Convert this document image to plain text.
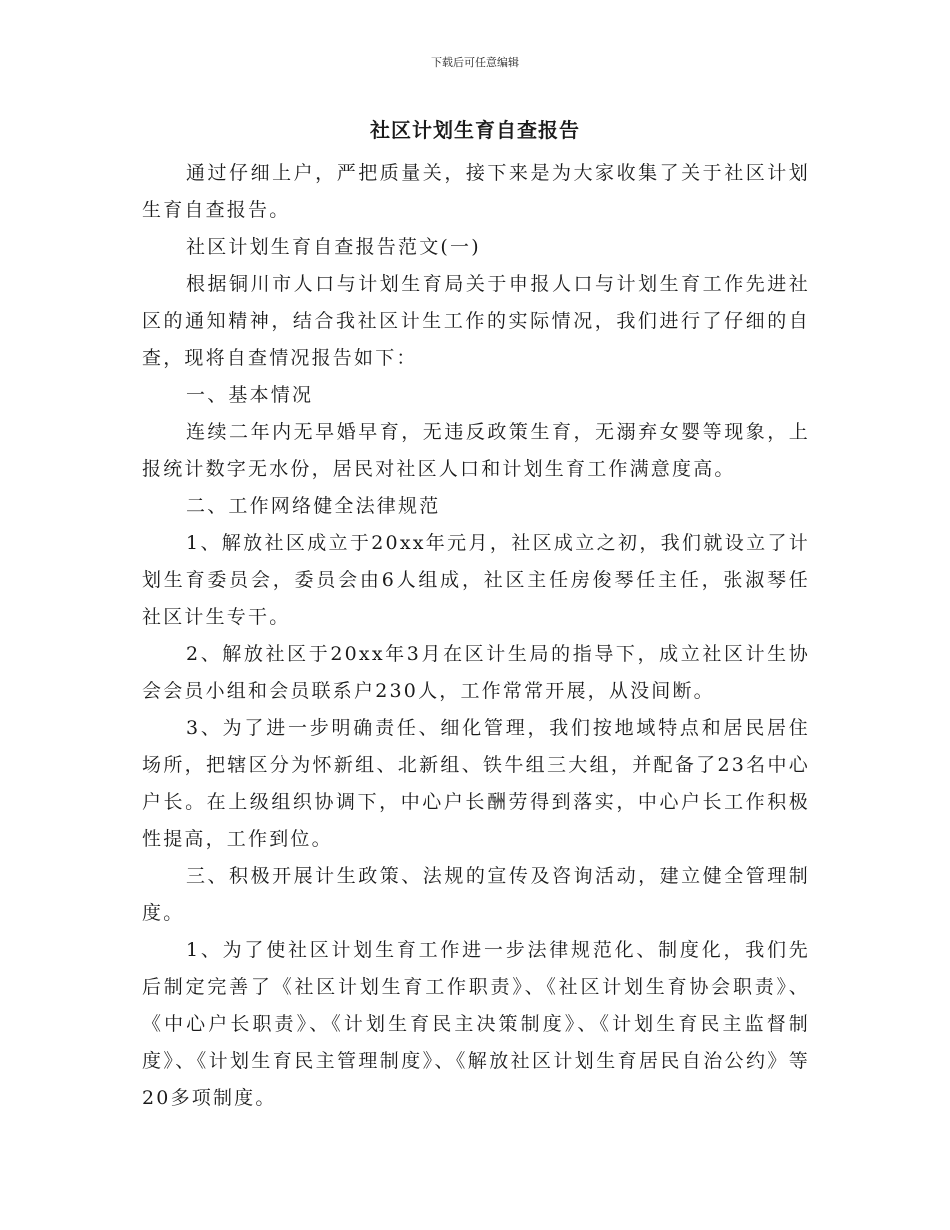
下载后可任意编辑
社区计划生育自查报告

通过仔细上户，严把质量关，接下来是为大家收集了关于社区计划生育自查报告。

社区计划生育自查报告范文(一)

根据铜川市人口与计划生育局关于申报人口与计划生育工作先进社区的通知精神，结合我社区计生工作的实际情况，我们进行了仔细的自查，现将自查情况报告如下：

一、基本情况

连续二年内无早婚早育，无违反政策生育，无溺弃女婴等现象，上报统计数字无水份，居民对社区人口和计划生育工作满意度高。

二、工作网络健全法律规范

1、解放社区成立于20xx年元月，社区成立之初，我们就设立了计划生育委员会，委员会由6人组成，社区主任房俊琴任主任，张淑琴任社区计生专干。

2、解放社区于20xx年3月在区计生局的指导下，成立社区计生协会会员小组和会员联系户230人，工作常常开展，从没间断。

3、为了进一步明确责任、细化管理，我们按地域特点和居民居住场所，把辖区分为怀新组、北新组、铁牛组三大组，并配备了23名中心户长。在上级组织协调下，中心户长酬劳得到落实，中心户长工作积极性提高，工作到位。

三、积极开展计生政策、法规的宣传及咨询活动，建立健全管理制度。

1、为了使社区计划生育工作进一步法律规范化、制度化，我们先后制定完善了《社区计划生育工作职责》、《社区计划生育协会职责》、《中心户长职责》、《计划生育民主决策制度》、《计划生育民主监督制度》、《计划生育民主管理制度》、《解放社区计划生育居民自治公约》等20多项制度。
